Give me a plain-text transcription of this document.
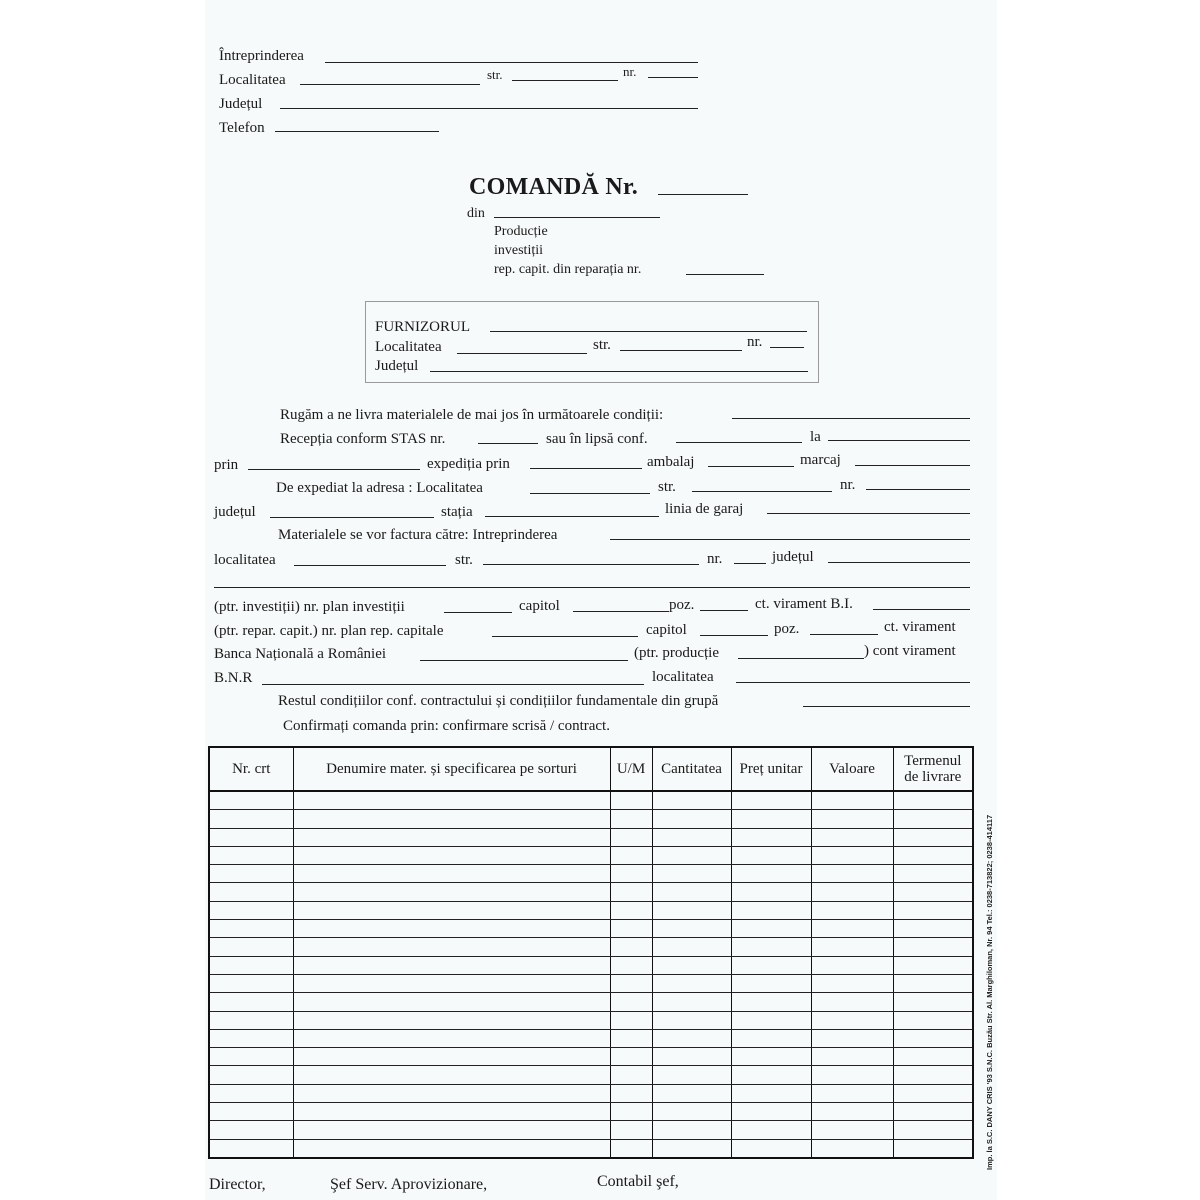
Întreprinderea
Localitatea	str.	nr.
Județul
Telefon
COMANDĂ Nr.
din
Producție
investiții
rep. capit. din reparația nr.
FURNIZORUL
Localitatea	str.	nr.
Județul
Rugăm a ne livra materialele de mai jos în următoarele condiții:
Recepția conform STAS nr.	sau în lipsă conf.	la
prin	expediția prin	ambalaj	marcaj
De expediat la adresa : Localitatea	str.	nr.
județul	stația	linia de garaj
Materialele se vor factura către: Intreprinderea
localitatea	str.	nr.	județul
(ptr. investiții) nr. plan investiții	capitol	poz.	ct. virament B.I.
(ptr. repar. capit.) nr. plan rep. capitale	capitol	poz.	ct. virament
Banca Națională a României	(ptr. producție	) cont virament
B.N.R	localitatea
Restul condițiilor conf. contractului și condițiilor fundamentale din grupă
Confirmați comanda prin: confirmare scrisă / contract.
Nr. crt	Denumire mater. și specificarea pe sorturi	U/M	Cantitatea	Preț unitar	Valoare	Termenul de livrare

Imp. la S.C. DANY CRIS '93 S.N.C. Buzău Str. Al. Marghiloman, Nr. 94 Tel.: 0238-713822; 0238-414117
Director,	Şef Serv. Aprovizionare,	Contabil şef,
